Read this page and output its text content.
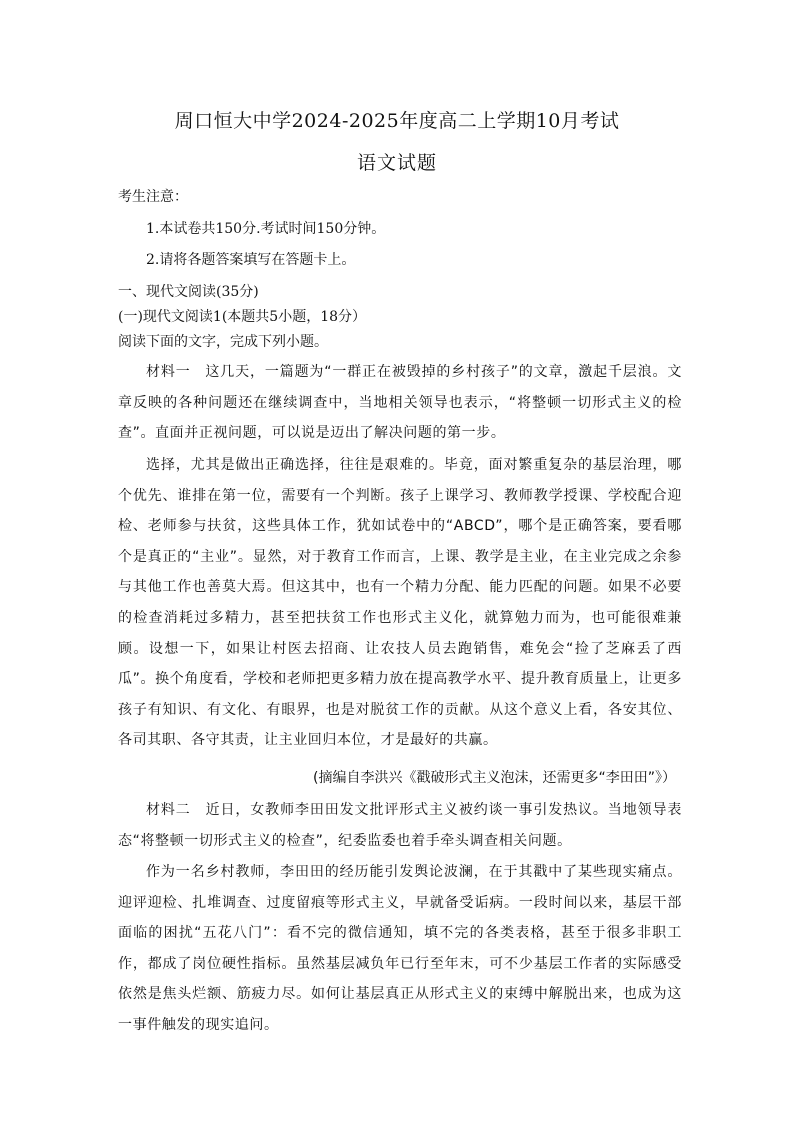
周口恒大中学2024-2025年度高二上学期10月考试
语文试题
考生注意：
1.本试卷共150分.考试时间150分钟。
2.请将各题答案填写在答题卡上。
一、现代文阅读(35分)
(一)现代文阅读1(本题共5小题，18分）
阅读下面的文字，完成下列小题。
材料一　这几天，一篇题为“一群正在被毁掉的乡村孩子”的文章，激起千层浪。文章反映的各种问题还在继续调查中，当地相关领导也表示，“将整顿一切形式主义的检查”。直面并正视问题，可以说是迈出了解决问题的第一步。
选择，尤其是做出正确选择，往往是艰难的。毕竟，面对繁重复杂的基层治理，哪个优先、谁排在第一位，需要有一个判断。孩子上课学习、教师教学授课、学校配合迎检、老师参与扶贫，这些具体工作，犹如试卷中的“ABCD”，哪个是正确答案，要看哪个是真正的“主业”。显然，对于教育工作而言，上课、教学是主业，在主业完成之余参与其他工作也善莫大焉。但这其中，也有一个精力分配、能力匹配的问题。如果不必要的检查消耗过多精力，甚至把扶贫工作也形式主义化，就算勉力而为，也可能很难兼顾。设想一下，如果让村医去招商、让农技人员去跑销售，难免会“捡了芝麻丢了西瓜”。换个角度看，学校和老师把更多精力放在提高教学水平、提升教育质量上，让更多孩子有知识、有文化、有眼界，也是对脱贫工作的贡献。从这个意义上看，各安其位、各司其职、各守其责，让主业回归本位，才是最好的共赢。
(摘编自李洪兴《戳破形式主义泡沫，还需更多“李田田”》）
材料二　近日，女教师李田田发文批评形式主义被约谈一事引发热议。当地领导表态“将整顿一切形式主义的检查”，纪委监委也着手牵头调查相关问题。
作为一名乡村教师，李田田的经历能引发舆论波澜，在于其戳中了某些现实痛点。迎评迎检、扎堆调查、过度留痕等形式主义，早就备受诟病。一段时间以来，基层干部面临的困扰“五花八门”：看不完的微信通知，填不完的各类表格，甚至于很多非职工作，都成了岗位硬性指标。虽然基层减负年已行至年末，可不少基层工作者的实际感受依然是焦头烂额、筋疲力尽。如何让基层真正从形式主义的束缚中解脱出来，也成为这一事件触发的现实追问。
